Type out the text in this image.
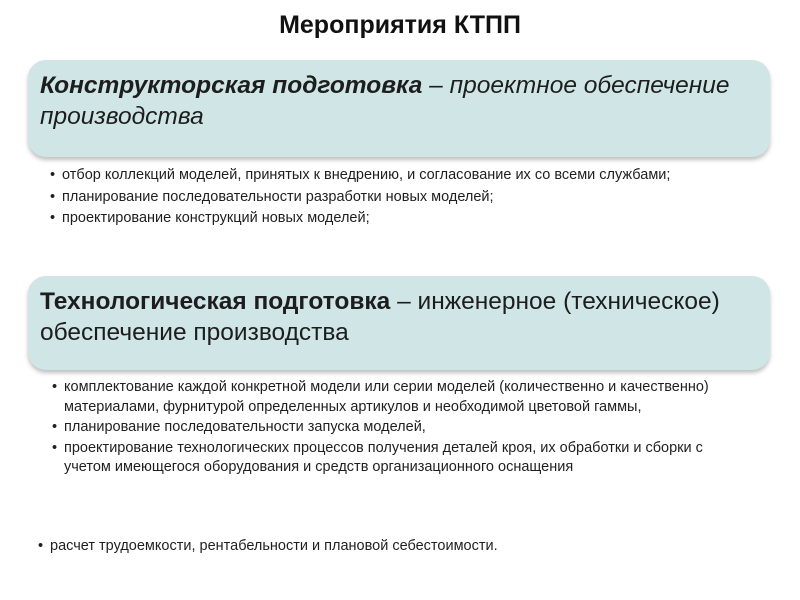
Мероприятия КТПП
Конструкторская подготовка – проектное обеспечение производства
• отбор коллекций моделей, принятых к внедрению, и согласование их со всеми службами;
• планирование последовательности разработки новых моделей;
• проектирование конструкций новых моделей;
Технологическая подготовка – инженерное (техническое) обеспечение производства
• комплектование каждой конкретной модели или серии моделей (количественно и качественно) материалами, фурнитурой определенных артикулов и необходимой цветовой гаммы,
• планирование последовательности запуска моделей,
• проектирование технологических процессов получения деталей кроя, их обработки и сборки с учетом имеющегося оборудования и средств организационного оснащения
• расчет трудоемкости, рентабельности и плановой себестоимости.
